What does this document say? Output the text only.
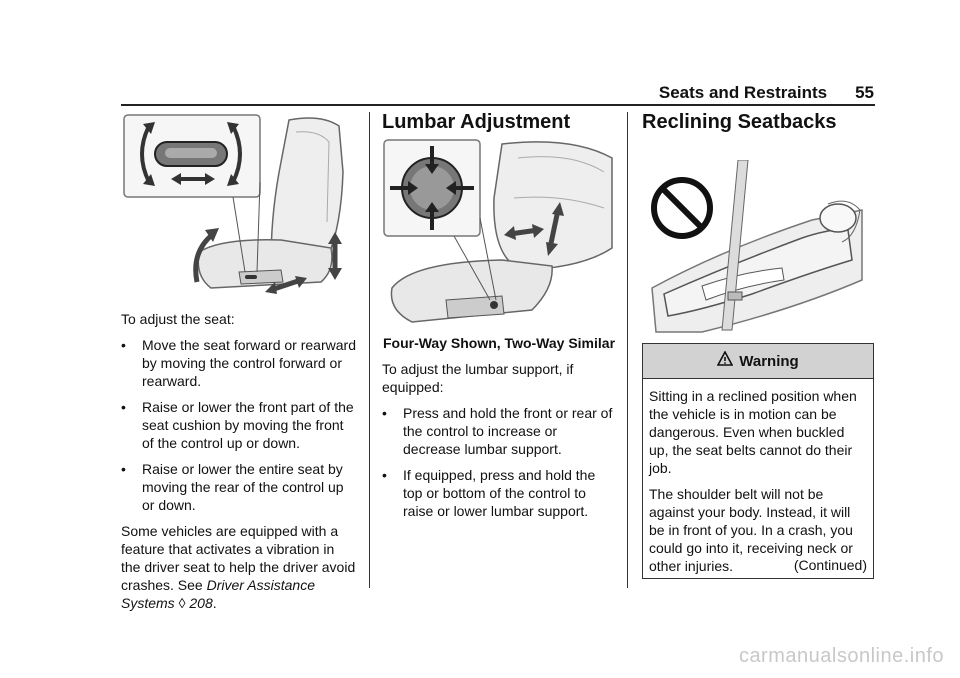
Seats and Restraints 55

To adjust the seat:

• Move the seat forward or rearward by moving the control forward or rearward.
• Raise or lower the front part of the seat cushion by moving the front of the control up or down.
• Raise or lower the entire seat by moving the rear of the control up or down.

Some vehicles are equipped with a feature that activates a vibration in the driver seat to help the driver avoid crashes. See Driver Assistance Systems ◊ 208.

Lumbar Adjustment
Four-Way Shown, Two-Way Similar

To adjust the lumbar support, if equipped:

• Press and hold the front or rear of the control to increase or decrease lumbar support.
• If equipped, press and hold the top or bottom of the control to raise or lower lumbar support.
Reclining Seatbacks
Warning

Sitting in a reclined position when the vehicle is in motion can be dangerous. Even when buckled up, the seat belts cannot do their job.

The shoulder belt will not be against your body. Instead, it will be in front of you. In a crash, you could go into it, receiving neck or other injuries.	(Continued)
carmanualsonline.info
